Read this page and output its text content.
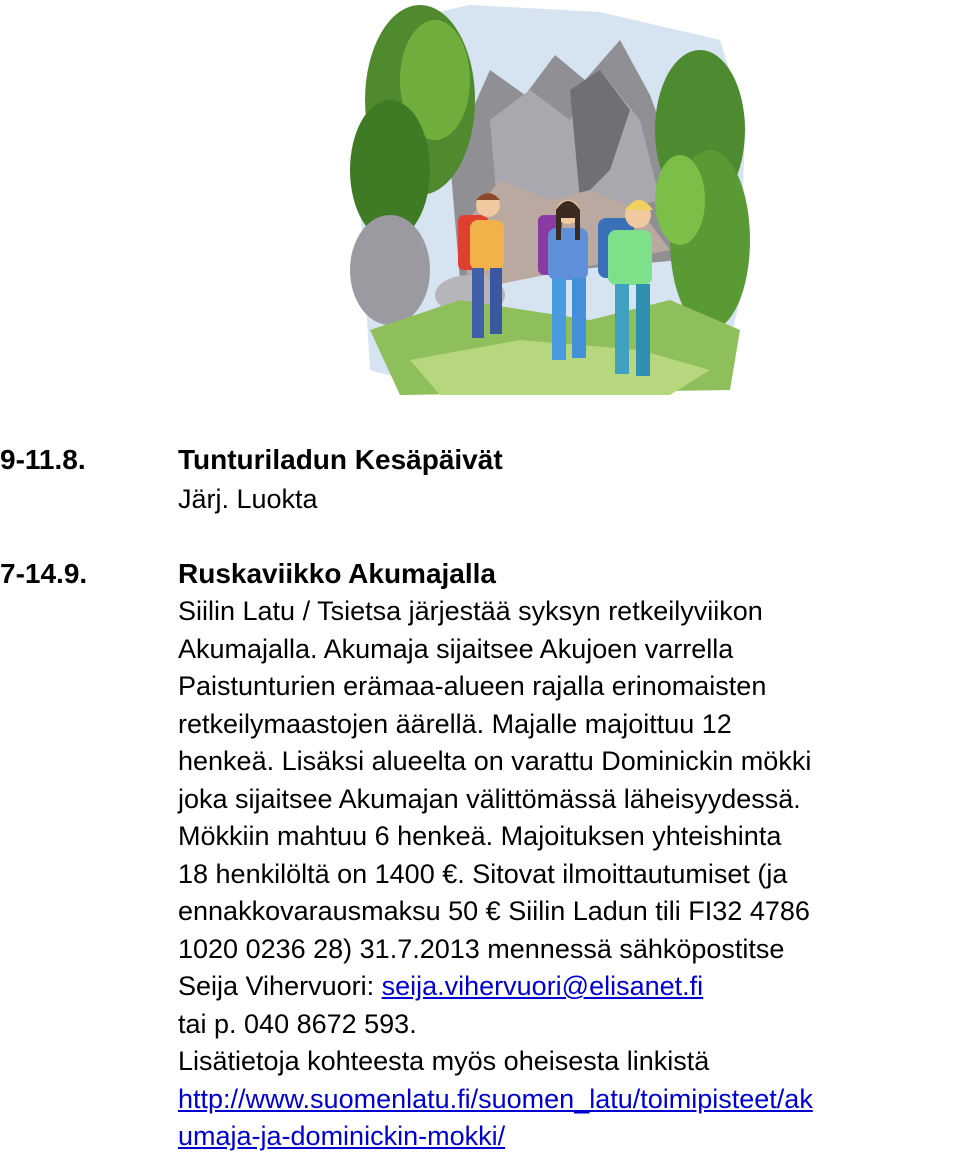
9-11.8.	Tunturiladun Kesäpäivät
Järj. Luokta
7-14.9.	Ruskaviikko Akumajalla
Siilin Latu / Tsietsa järjestää syksyn retkeilyviikon
Akumajalla. Akumaja sijaitsee Akujoen varrella
Paistunturien erämaa-alueen rajalla erinomaisten
retkeilymaastojen äärellä. Majalle majoittuu 12
henkeä. Lisäksi alueelta on varattu Dominickin mökki
joka sijaitsee Akumajan välittömässä läheisyydessä.
Mökkiin mahtuu 6 henkeä. Majoituksen yhteishinta
18 henkilöltä on 1400 €. Sitovat ilmoittautumiset (ja
ennakkovarausmaksu 50 € Siilin Ladun tili FI32 4786
1020 0236 28) 31.7.2013 mennessä sähköpostitse
Seija Vihervuori: seija.vihervuori@elisanet.fi
tai p. 040 8672 593.
Lisätietoja kohteesta myös oheisesta linkistä
http://www.suomenlatu.fi/suomen_latu/toimipisteet/ak
umaja-ja-dominickin-mokki/
